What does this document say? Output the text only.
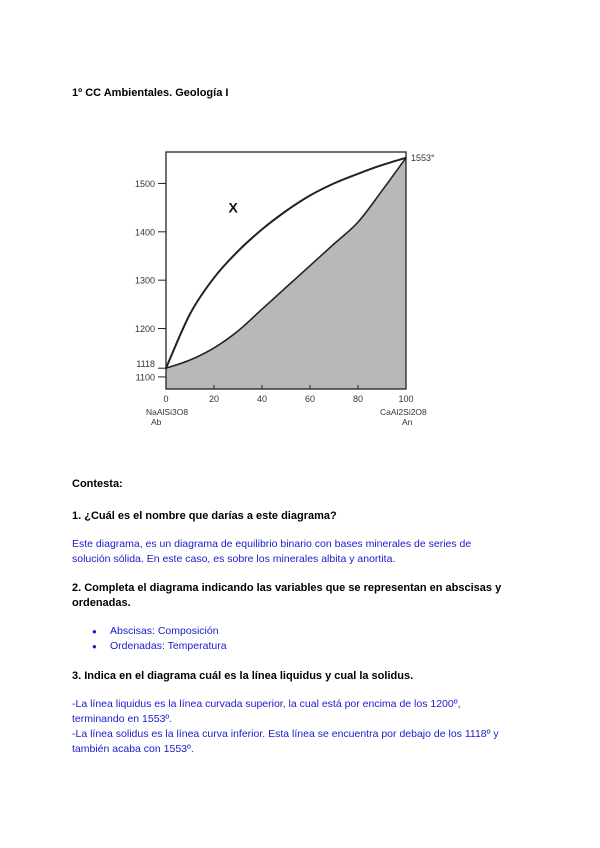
1º CC Ambientales. Geología I
1500
1400
1300
1200
1100
1118
0	20	40	60	80	100
NaAlSi3O8
Ab
CaAl2Si2O8
An
1553°
X
Contesta:
1. ¿Cuál es el nombre que darías a este diagrama?
Este diagrama, es un diagrama de equilibrio binario con bases minerales de series de
solución sólida. En este caso, es sobre los minerales albita y anortita.
2. Completa el diagrama indicando las variables que se representan en abscisas y
ordenadas.
● Abscisas: Composición
● Ordenadas: Temperatura
3. Indica en el diagrama cuál es la línea liquidus y cual la solidus.
-La línea liquidus es la línea curvada superior, la cual está por encima de los 1200º,
terminando en 1553º.
-La línea solidus es la línea curva inferior. Esta línea se encuentra por debajo de los 1118º y
también acaba con 1553º.
